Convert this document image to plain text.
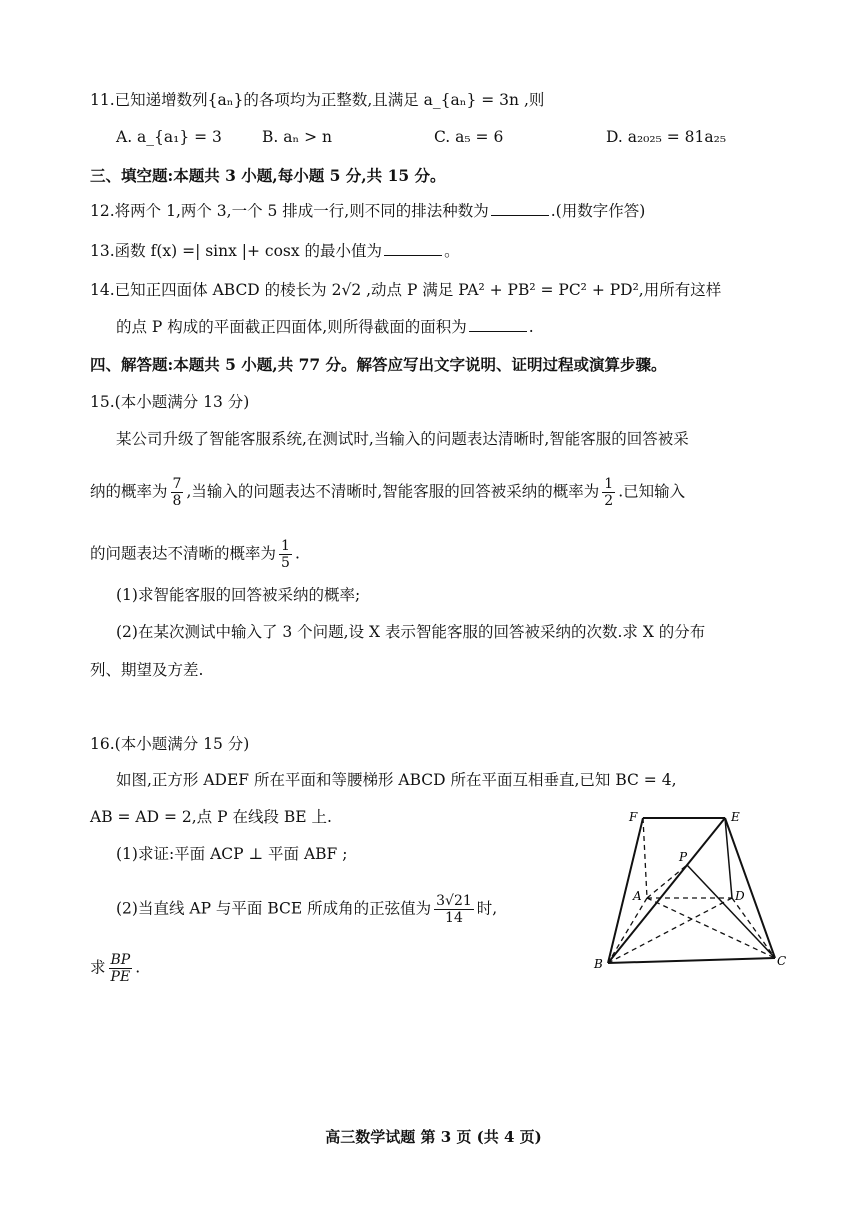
11.已知递增数列{aₙ}的各项均为正整数,且满足 a_{aₙ} = 3n ,则
A. a_{a₁} = 3	B. aₙ > n	C. a₅ = 6	D. a₂₀₂₅ = 81a₂₅
三、填空题:本题共 3 小题,每小题 5 分,共 15 分。
12.将两个 1,两个 3,一个 5 排成一行,则不同的排法种数为	.(用数字作答)
13.函数 f(x) =| sinx |+ cosx 的最小值为	。
14.已知正四面体 ABCD 的棱长为 2√2 ,动点 P 满足 PA² + PB² = PC² + PD²,用所有这样
的点 P 构成的平面截正四面体,则所得截面的面积为	.
四、解答题:本题共 5 小题,共 77 分。解答应写出文字说明、证明过程或演算步骤。
15.(本小题满分 13 分)
某公司升级了智能客服系统,在测试时,当输入的问题表达清晰时,智能客服的回答被采
纳的概率为 $\frac{7}{8}$ ,当输入的问题表达不清晰时,智能客服的回答被采纳的概率为 $\frac{1}{2}$ .已知输入
的问题表达不清晰的概率为 $\frac{1}{5}$ .
(1)求智能客服的回答被采纳的概率;
(2)在某次测试中输入了 3 个问题,设 X 表示智能客服的回答被采纳的次数.求 X 的分布
列、期望及方差.
16.(本小题满分 15 分)
如图,正方形 ADEF 所在平面和等腰梯形 ABCD 所在平面互相垂直,已知 BC = 4,
AB = AD = 2,点 P 在线段 BE 上.
(1)求证:平面 ACP ⊥ 平面 ABF ;
(2)当直线 AP 与平面 BCE 所成角的正弦值为 $\frac{3√21}{14}$ 时,
求 $\frac{BP}{PE}$ .
F	E
P
A	D
B	C
高三数学试题 第 3 页 (共 4 页)
